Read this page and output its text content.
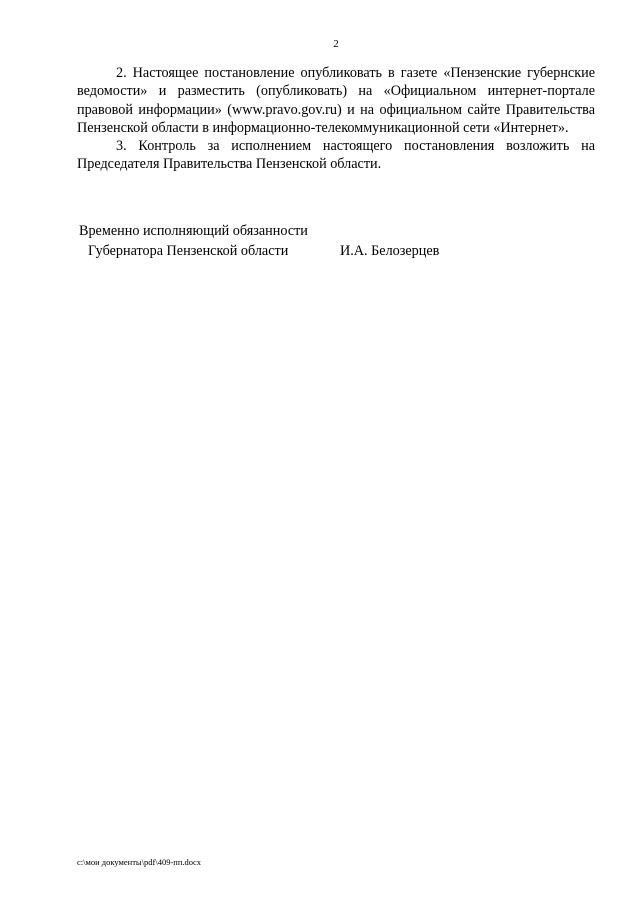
2

2. Настоящее постановление опубликовать в газете «Пензенские губернские ведомости» и разместить (опубликовать) на «Официальном интернет-портале правовой информации» (www.pravo.gov.ru) и на официальном сайте Правительства Пензенской области в информационно-телекоммуникационной сети «Интернет».

3. Контроль за исполнением настоящего постановления возложить на Председателя Правительства Пензенской области.

Временно исполняющий обязанности
Губернатора Пензенской области	И.А. Белозерцев
c:\мои документы\pdf\409-пп.docx
